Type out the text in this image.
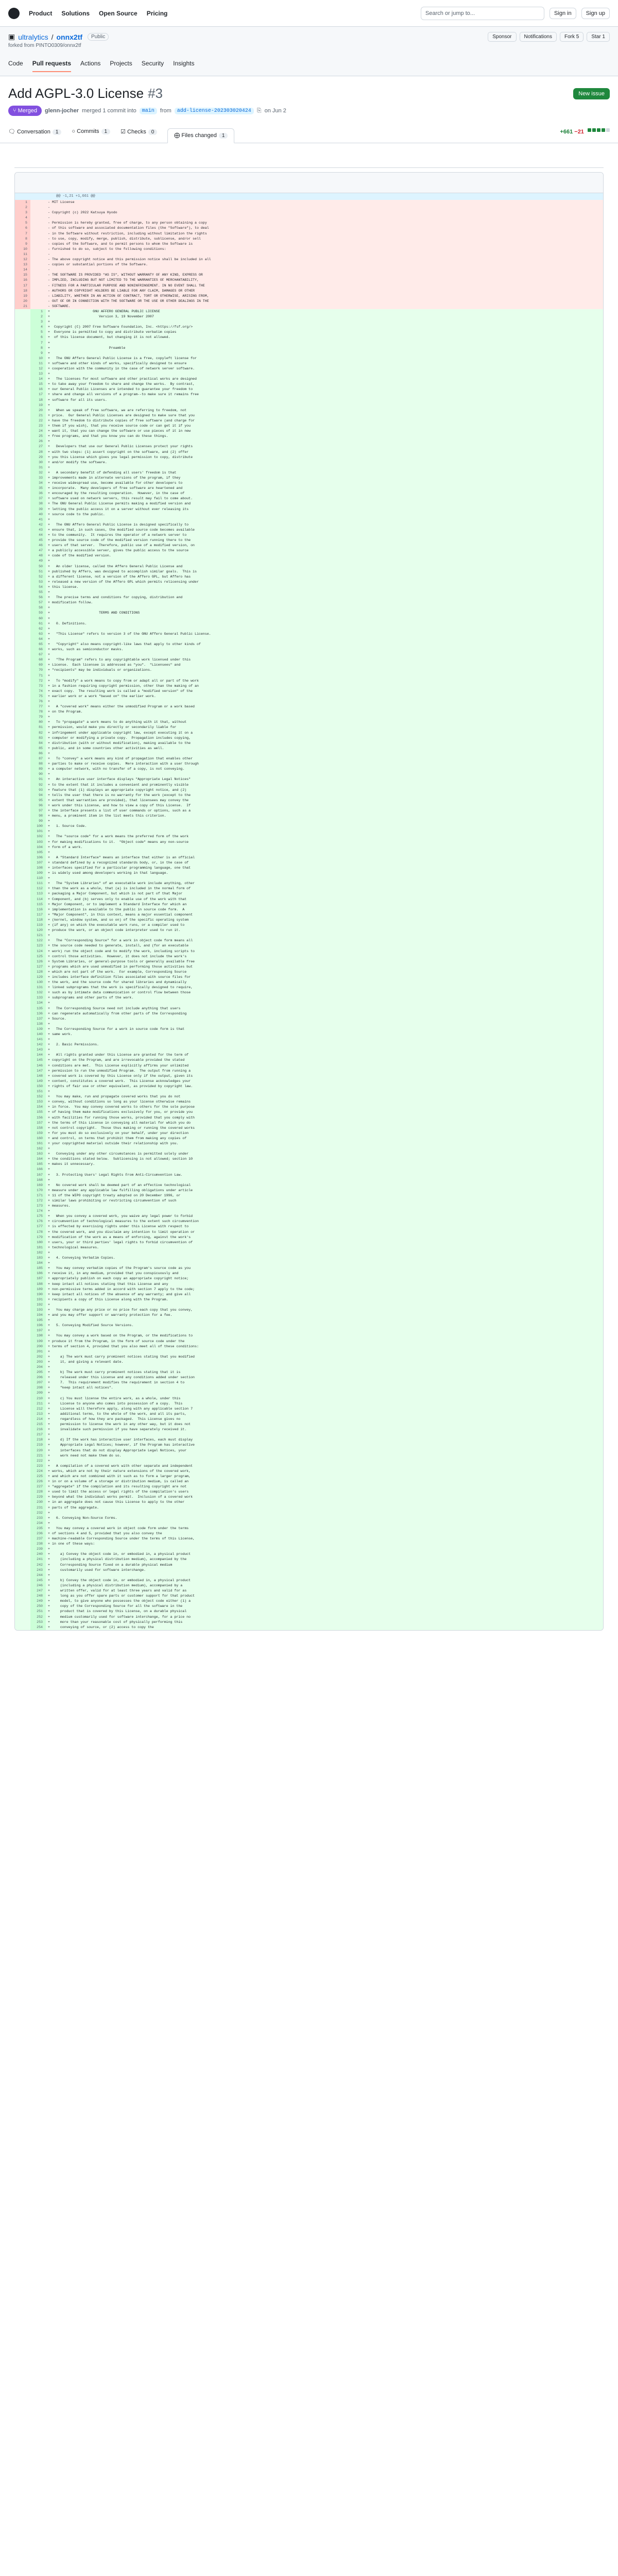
Product Solutions Open Source Pricing	Search or jump to...	Sign in	Sign up
▣ ultralytics / onnx2tf	Public	Sponsor	Notifications	Fork 5	Star 1
forked from PINTO0309/onnx2tf
Code Pull requests Actions Projects Security Insights
Add AGPL-3.0 License #3	New issue
⑂ Merged	glenn-jocher merged 1 commit into	main	from	add-license-202303020424	⎘ on Jun 2
🗨 Conversation 1	○ Commits 1	☑ Checks 0
⨁ Files changed 1
+661 −21
@@ -1,21 +1,661 @@
1	- MIT License
2	-
3	- Copyright (c) 2022 Katsuya Hyodo
4	-
5	- Permission is hereby granted, free of charge, to any person obtaining a copy
6	- of this software and associated documentation files (the "Software"), to deal
7	- in the Software without restriction, including without limitation the rights
8	- to use, copy, modify, merge, publish, distribute, sublicense, and/or sell
9	- copies of the Software, and to permit persons to whom the Software is
10	- furnished to do so, subject to the following conditions:
11	-
12	- The above copyright notice and this permission notice shall be included in all
13	- copies or substantial portions of the Software.
14	-
15	- THE SOFTWARE IS PROVIDED "AS IS", WITHOUT WARRANTY OF ANY KIND, EXPRESS OR
16	- IMPLIED, INCLUDING BUT NOT LIMITED TO THE WARRANTIES OF MERCHANTABILITY,
17	- FITNESS FOR A PARTICULAR PURPOSE AND NONINFRINGEMENT. IN NO EVENT SHALL THE
18	- AUTHORS OR COPYRIGHT HOLDERS BE LIABLE FOR ANY CLAIM, DAMAGES OR OTHER
19	- LIABILITY, WHETHER IN AN ACTION OF CONTRACT, TORT OR OTHERWISE, ARISING FROM,
20	- OUT OF OR IN CONNECTION WITH THE SOFTWARE OR THE USE OR OTHER DEALINGS IN THE
21	- SOFTWARE.
1	+ GNU AFFERO GENERAL PUBLIC LICENSE
2	+ Version 3, 19 November 2007
3	+
4	+ Copyright (C) 2007 Free Software Foundation, Inc. <https://fsf.org/>
5	+ Everyone is permitted to copy and distribute verbatim copies
6	+ of this license document, but changing it is not allowed.
7	+
8	+ Preamble
9	+
10	+ The GNU Affero General Public License is a free, copyleft license for
11	+ software and other kinds of works, specifically designed to ensure
12	+ cooperation with the community in the case of network server software.
13	+
14	+ The licenses for most software and other practical works are designed
15	+ to take away your freedom to share and change the works.  By contrast,
16	+ our General Public Licenses are intended to guarantee your freedom to
17	+ share and change all versions of a program--to make sure it remains free
18	+ software for all its users.
19	+
20	+ When we speak of free software, we are referring to freedom, not
21	+ price.  Our General Public Licenses are designed to make sure that you
22	+ have the freedom to distribute copies of free software (and charge for
23	+ them if you wish), that you receive source code or can get it if you
24	+ want it, that you can change the software or use pieces of it in new
25	+ free programs, and that you know you can do these things.
26	+
27	+ Developers that use our General Public Licenses protect your rights
28	+ with two steps: (1) assert copyright on the software, and (2) offer
29	+ you this License which gives you legal permission to copy, distribute
30	+ and/or modify the software.
31	+
32	+ A secondary benefit of defending all users' freedom is that
33	+ improvements made in alternate versions of the program, if they
34	+ receive widespread use, become available for other developers to
35	+ incorporate.  Many developers of free software are heartened and
36	+ encouraged by the resulting cooperation.  However, in the case of
37	+ software used on network servers, this result may fail to come about.
38	+ The GNU General Public License permits making a modified version and
39	+ letting the public access it on a server without ever releasing its
40	+ source code to the public.
41	+
42	+ The GNU Affero General Public License is designed specifically to
43	+ ensure that, in such cases, the modified source code becomes available
44	+ to the community.  It requires the operator of a network server to
45	+ provide the source code of the modified version running there to the
46	+ users of that server.  Therefore, public use of a modified version, on
47	+ a publicly accessible server, gives the public access to the source
48	+ code of the modified version.
49	+
50	+ An older license, called the Affero General Public License and
51	+ published by Affero, was designed to accomplish similar goals.  This is
52	+ a different license, not a version of the Affero GPL, but Affero has
53	+ released a new version of the Affero GPL which permits relicensing under
54	+ this license.
55	+
56	+ The precise terms and conditions for copying, distribution and
57	+ modification follow.
58	+
59	+ TERMS AND CONDITIONS
60	+
61	+ 0. Definitions.
62	+
63	+ "This License" refers to version 3 of the GNU Affero General Public License.
64	+
65	+ "Copyright" also means copyright-like laws that apply to other kinds of
66	+ works, such as semiconductor masks.
67	+
68	+ "The Program" refers to any copyrightable work licensed under this
69	+ License.  Each licensee is addressed as "you".  "Licensees" and
70	+ "recipients" may be individuals or organizations.
71	+
72	+ To "modify" a work means to copy from or adapt all or part of the work
73	+ in a fashion requiring copyright permission, other than the making of an
74	+ exact copy.  The resulting work is called a "modified version" of the
75	+ earlier work or a work "based on" the earlier work.
76	+
77	+ A "covered work" means either the unmodified Program or a work based
78	+ on the Program.
79	+
80	+ To "propagate" a work means to do anything with it that, without
81	+ permission, would make you directly or secondarily liable for
82	+ infringement under applicable copyright law, except executing it on a
83	+ computer or modifying a private copy.  Propagation includes copying,
84	+ distribution (with or without modification), making available to the
85	+ public, and in some countries other activities as well.
86	+
87	+ To "convey" a work means any kind of propagation that enables other
88	+ parties to make or receive copies.  Mere interaction with a user through
89	+ a computer network, with no transfer of a copy, is not conveying.
90	+
91	+ An interactive user interface displays "Appropriate Legal Notices"
92	+ to the extent that it includes a convenient and prominently visible
93	+ feature that (1) displays an appropriate copyright notice, and (2)
94	+ tells the user that there is no warranty for the work (except to the
95	+ extent that warranties are provided), that licensees may convey the
96	+ work under this License, and how to view a copy of this License.  If
97	+ the interface presents a list of user commands or options, such as a
98	+ menu, a prominent item in the list meets this criterion.
99	+
100	+ 1. Source Code.
101	+
102	+ The "source code" for a work means the preferred form of the work
103	+ for making modifications to it.  "Object code" means any non-source
104	+ form of a work.
105	+
106	+ A "Standard Interface" means an interface that either is an official
107	+ standard defined by a recognized standards body, or, in the case of
108	+ interfaces specified for a particular programming language, one that
109	+ is widely used among developers working in that language.
110	+
111	+ The "System Libraries" of an executable work include anything, other
112	+ than the work as a whole, that (a) is included in the normal form of
113	+ packaging a Major Component, but which is not part of that Major
114	+ Component, and (b) serves only to enable use of the work with that
115	+ Major Component, or to implement a Standard Interface for which an
116	+ implementation is available to the public in source code form.  A
117	+ "Major Component", in this context, means a major essential component
118	+ (kernel, window system, and so on) of the specific operating system
119	+ (if any) on which the executable work runs, or a compiler used to
120	+ produce the work, or an object code interpreter used to run it.
121	+
122	+ The "Corresponding Source" for a work in object code form means all
123	+ the source code needed to generate, install, and (for an executable
124	+ work) run the object code and to modify the work, including scripts to
125	+ control those activities.  However, it does not include the work's
126	+ System Libraries, or general-purpose tools or generally available free
127	+ programs which are used unmodified in performing those activities but
128	+ which are not part of the work.  For example, Corresponding Source
129	+ includes interface definition files associated with source files for
130	+ the work, and the source code for shared libraries and dynamically
131	+ linked subprograms that the work is specifically designed to require,
132	+ such as by intimate data communication or control flow between those
133	+ subprograms and other parts of the work.
134	+
135	+ The Corresponding Source need not include anything that users
136	+ can regenerate automatically from other parts of the Corresponding
137	+ Source.
138	+
139	+ The Corresponding Source for a work in source code form is that
140	+ same work.
141	+
142	+ 2. Basic Permissions.
143	+
144	+ All rights granted under this License are granted for the term of
145	+ copyright on the Program, and are irrevocable provided the stated
146	+ conditions are met.  This License explicitly affirms your unlimited
147	+ permission to run the unmodified Program.  The output from running a
148	+ covered work is covered by this License only if the output, given its
149	+ content, constitutes a covered work.  This License acknowledges your
150	+ rights of fair use or other equivalent, as provided by copyright law.
151	+
152	+ You may make, run and propagate covered works that you do not
153	+ convey, without conditions so long as your license otherwise remains
154	+ in force.  You may convey covered works to others for the sole purpose
155	+ of having them make modifications exclusively for you, or provide you
156	+ with facilities for running those works, provided that you comply with
157	+ the terms of this License in conveying all material for which you do
158	+ not control copyright.  Those thus making or running the covered works
159	+ for you must do so exclusively on your behalf, under your direction
160	+ and control, on terms that prohibit them from making any copies of
161	+ your copyrighted material outside their relationship with you.
162	+
163	+ Conveying under any other circumstances is permitted solely under
164	+ the conditions stated below.  Sublicensing is not allowed; section 10
165	+ makes it unnecessary.
166	+
167	+ 3. Protecting Users' Legal Rights From Anti-Circumvention Law.
168	+
169	+ No covered work shall be deemed part of an effective technological
170	+ measure under any applicable law fulfilling obligations under article
171	+ 11 of the WIPO copyright treaty adopted on 20 December 1996, or
172	+ similar laws prohibiting or restricting circumvention of such
173	+ measures.
174	+
175	+ When you convey a covered work, you waive any legal power to forbid
176	+ circumvention of technological measures to the extent such circumvention
177	+ is effected by exercising rights under this License with respect to
178	+ the covered work, and you disclaim any intention to limit operation or
179	+ modification of the work as a means of enforcing, against the work's
180	+ users, your or third parties' legal rights to forbid circumvention of
181	+ technological measures.
182	+
183	+ 4. Conveying Verbatim Copies.
184	+
185	+ You may convey verbatim copies of the Program's source code as you
186	+ receive it, in any medium, provided that you conspicuously and
187	+ appropriately publish on each copy an appropriate copyright notice;
188	+ keep intact all notices stating that this License and any
189	+ non-permissive terms added in accord with section 7 apply to the code;
190	+ keep intact all notices of the absence of any warranty; and give all
191	+ recipients a copy of this License along with the Program.
192	+
193	+ You may charge any price or no price for each copy that you convey,
194	+ and you may offer support or warranty protection for a fee.
195	+
196	+ 5. Conveying Modified Source Versions.
197	+
198	+ You may convey a work based on the Program, or the modifications to
199	+ produce it from the Program, in the form of source code under the
200	+ terms of section 4, provided that you also meet all of these conditions:
201	+
202	+ a) The work must carry prominent notices stating that you modified
203	+ it, and giving a relevant date.
204	+
205	+ b) The work must carry prominent notices stating that it is
206	+ released under this License and any conditions added under section
207	+ 7.  This requirement modifies the requirement in section 4 to
208	+ "keep intact all notices".
209	+
210	+ c) You must license the entire work, as a whole, under this
211	+ License to anyone who comes into possession of a copy.  This
212	+ License will therefore apply, along with any applicable section 7
213	+ additional terms, to the whole of the work, and all its parts,
214	+ regardless of how they are packaged.  This License gives no
215	+ permission to license the work in any other way, but it does not
216	+ invalidate such permission if you have separately received it.
217	+
218	+ d) If the work has interactive user interfaces, each must display
219	+ Appropriate Legal Notices; however, if the Program has interactive
220	+ interfaces that do not display Appropriate Legal Notices, your
221	+ work need not make them do so.
222	+
223	+ A compilation of a covered work with other separate and independent
224	+ works, which are not by their nature extensions of the covered work,
225	+ and which are not combined with it such as to form a larger program,
226	+ in or on a volume of a storage or distribution medium, is called an
227	+ "aggregate" if the compilation and its resulting copyright are not
228	+ used to limit the access or legal rights of the compilation's users
229	+ beyond what the individual works permit.  Inclusion of a covered work
230	+ in an aggregate does not cause this License to apply to the other
231	+ parts of the aggregate.
232	+
233	+ 6. Conveying Non-Source Forms.
234	+
235	+ You may convey a covered work in object code form under the terms
236	+ of sections 4 and 5, provided that you also convey the
237	+ machine-readable Corresponding Source under the terms of this License,
238	+ in one of these ways:
239	+
240	+ a) Convey the object code in, or embodied in, a physical product
241	+ (including a physical distribution medium), accompanied by the
242	+ Corresponding Source fixed on a durable physical medium
243	+ customarily used for software interchange.
244	+
245	+ b) Convey the object code in, or embodied in, a physical product
246	+ (including a physical distribution medium), accompanied by a
247	+ written offer, valid for at least three years and valid for as
248	+ long as you offer spare parts or customer support for that product
249	+ model, to give anyone who possesses the object code either (1) a
250	+ copy of the Corresponding Source for all the software in the
251	+ product that is covered by this License, on a durable physical
252	+ medium customarily used for software interchange, for a price no
253	+ more than your reasonable cost of physically performing this
254	+ conveying of source, or (2) access to copy the
